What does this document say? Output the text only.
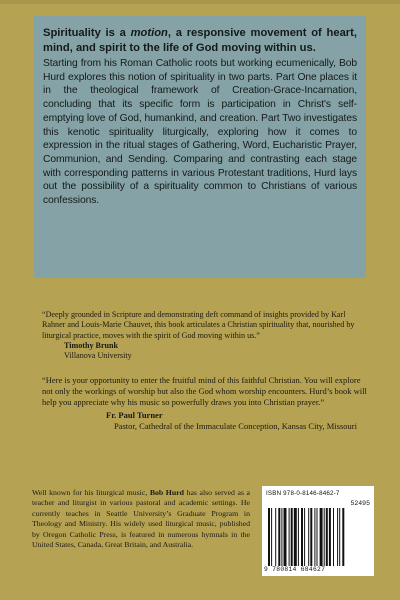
Spirituality is a motion, a responsive movement of heart, mind, and spirit to the life of God moving within us.

Starting from his Roman Catholic roots but working ecumenically, Bob Hurd explores this notion of spirituality in two parts. Part One places it in the theological framework of Creation-Grace-Incarnation, concluding that its specific form is participation in Christ's self-emptying love of God, humankind, and creation. Part Two investigates this kenotic spirituality liturgically, exploring how it comes to expression in the ritual stages of Gathering, Word, Eucharistic Prayer, Communion, and Sending. Comparing and contrasting each stage with corresponding patterns in various Protestant traditions, Hurd lays out the possibility of a spirituality common to Christians of various confessions.

“Deeply grounded in Scripture and demonstrating deft command of insights provided by Karl Rahner and Louis-Marie Chauvet, this book articulates a Christian spirituality that, nourished by liturgical practice, moves with the spirit of God moving within us.”

Timothy Brunk
Villanova University

“Here is your opportunity to enter the fruitful mind of this faithful Christian. You will explore not only the workings of worship but also the God whom worship encounters. Hurd’s book will help you appreciate why his music so powerfully draws you into Christian prayer.”

Fr. Paul Turner
Pastor, Cathedral of the Immaculate Conception, Kansas City, Missouri

Well known for his liturgical music, Bob Hurd has also served as a teacher and liturgist in various pastoral and academic settings. He currently teaches in Seattle University’s Graduate Program in Theology and Ministry. His widely used liturgical music, published by Oregon Catholic Press, is featured in numerous hymnals in the United States, Canada, Great Britain, and Australia.

ISBN 978-0-8146-8462-7
52495
9 780814 684627
